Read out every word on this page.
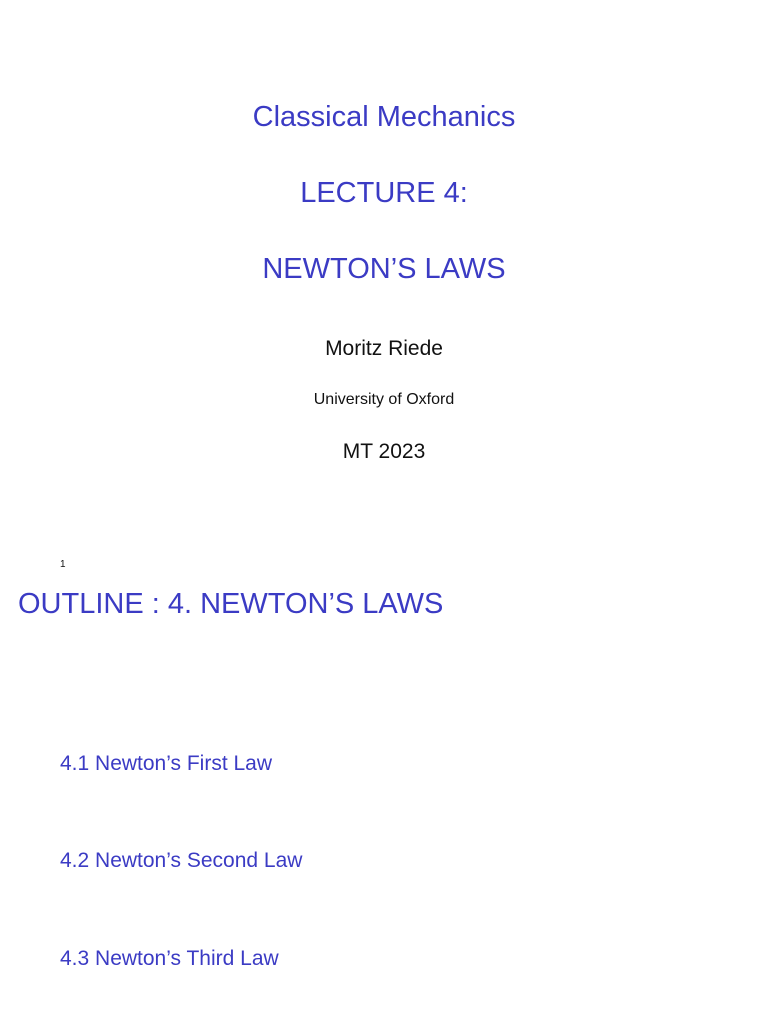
Classical Mechanics
LECTURE 4:
NEWTON’S LAWS
Moritz Riede
University of Oxford
MT 2023
1
OUTLINE : 4. NEWTON’S LAWS
4.1 Newton’s First Law
4.2 Newton’s Second Law
4.3 Newton’s Third Law
